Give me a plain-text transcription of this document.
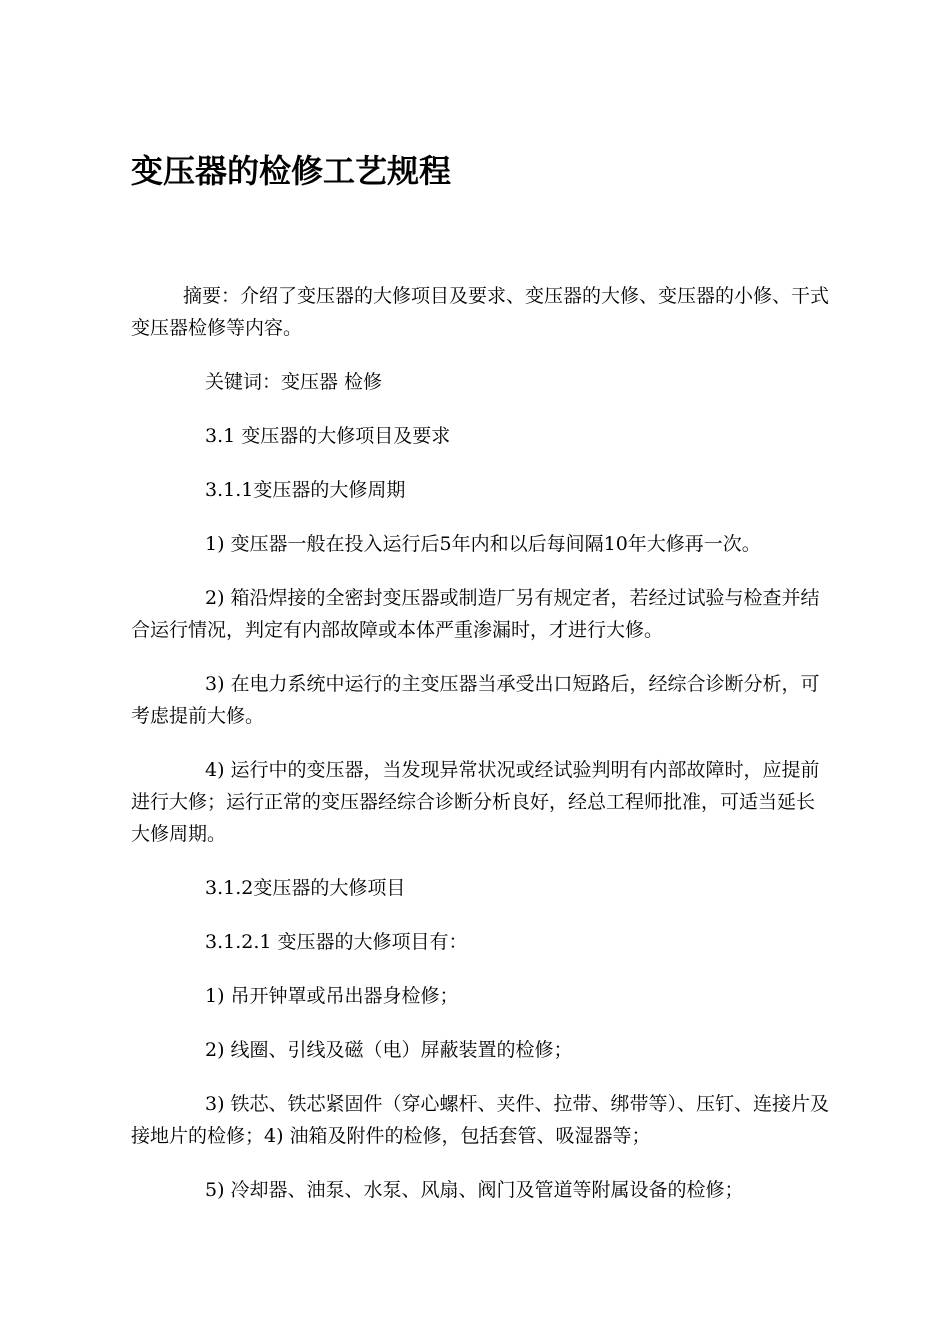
变压器的检修工艺规程

摘要：介绍了变压器的大修项目及要求、变压器的大修、变压器的小修、干式变压器检修等内容。

关键词：变压器 检修

3.1 变压器的大修项目及要求

3.1.1变压器的大修周期

1) 变压器一般在投入运行后5年内和以后每间隔10年大修再一次。

2) 箱沿焊接的全密封变压器或制造厂另有规定者，若经过试验与检查并结合运行情况，判定有内部故障或本体严重渗漏时，才进行大修。

3) 在电力系统中运行的主变压器当承受出口短路后，经综合诊断分析，可考虑提前大修。

4) 运行中的变压器，当发现异常状况或经试验判明有内部故障时，应提前进行大修；运行正常的变压器经综合诊断分析良好，经总工程师批准，可适当延长大修周期。

3.1.2变压器的大修项目

3.1.2.1 变压器的大修项目有：

1) 吊开钟罩或吊出器身检修；

2) 线圈、引线及磁（电）屏蔽装置的检修；

3) 铁芯、铁芯紧固件（穿心螺杆、夹件、拉带、绑带等）、压钉、连接片及接地片的检修；4) 油箱及附件的检修，包括套管、吸湿器等；

5) 冷却器、油泵、水泵、风扇、阀门及管道等附属设备的检修；
